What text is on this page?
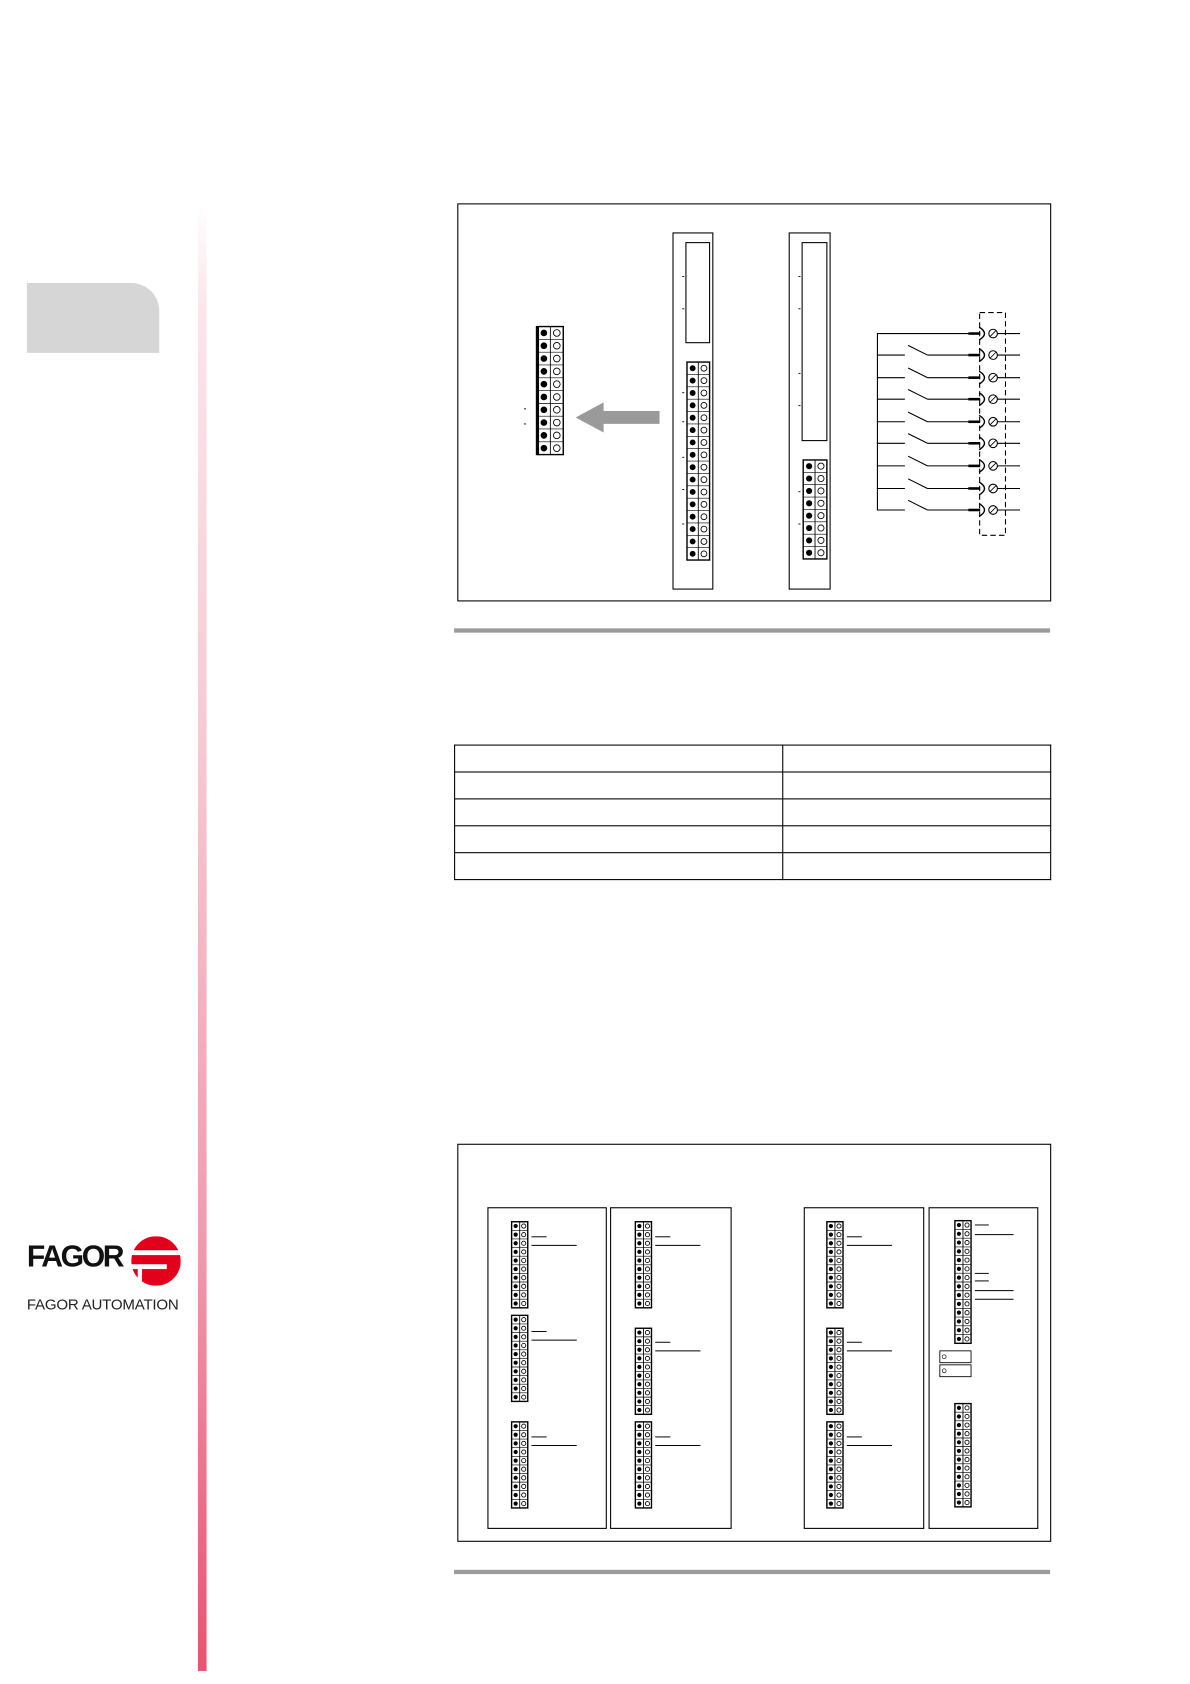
FAGOR
FAGOR AUTOMATION
